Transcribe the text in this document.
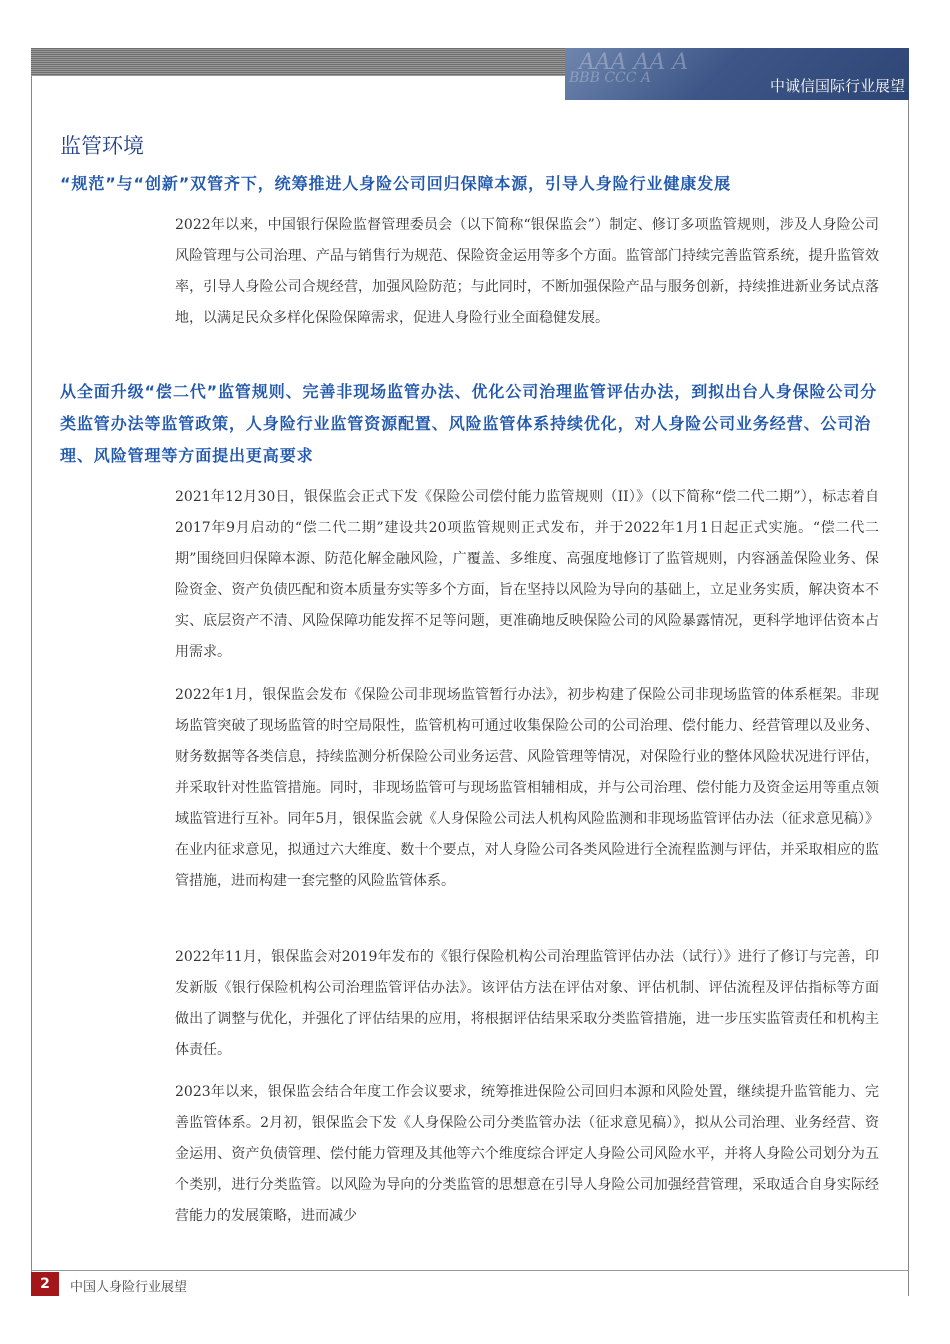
AAA AA A
BBB CCC A	中诚信国际行业展望
监管环境
“规范”与“创新”双管齐下，统筹推进人身险公司回归保障本源，引导人身险行业健康发展
2022年以来，中国银行保险监督管理委员会（以下简称“银保监会”）制定、修订多项监管规则，涉及人身险公司风险管理与公司治理、产品与销售行为规范、保险资金运用等多个方面。监管部门持续完善监管系统，提升监管效率，引导人身险公司合规经营，加强风险防范；与此同时，不断加强保险产品与服务创新，持续推进新业务试点落地，以满足民众多样化保险保障需求，促进人身险行业全面稳健发展。
从全面升级“偿二代”监管规则、完善非现场监管办法、优化公司治理监管评估办法，到拟出台人身保险公司分类监管办法等监管政策，人身险行业监管资源配置、风险监管体系持续优化，对人身险公司业务经营、公司治理、风险管理等方面提出更高要求
2021年12月30日，银保监会正式下发《保险公司偿付能力监管规则（II）》（以下简称“偿二代二期”），标志着自2017年9月启动的“偿二代二期”建设共20项监管规则正式发布，并于2022年1月1日起正式实施。“偿二代二期”围绕回归保障本源、防范化解金融风险，广覆盖、多维度、高强度地修订了监管规则，内容涵盖保险业务、保险资金、资产负债匹配和资本质量夯实等多个方面，旨在坚持以风险为导向的基础上，立足业务实质，解决资本不实、底层资产不清、风险保障功能发挥不足等问题，更准确地反映保险公司的风险暴露情况，更科学地评估资本占用需求。
2022年1月，银保监会发布《保险公司非现场监管暂行办法》，初步构建了保险公司非现场监管的体系框架。非现场监管突破了现场监管的时空局限性，监管机构可通过收集保险公司的公司治理、偿付能力、经营管理以及业务、财务数据等各类信息，持续监测分析保险公司业务运营、风险管理等情况，对保险行业的整体风险状况进行评估，并采取针对性监管措施。同时，非现场监管可与现场监管相辅相成，并与公司治理、偿付能力及资金运用等重点领域监管进行互补。同年5月，银保监会就《人身保险公司法人机构风险监测和非现场监管评估办法（征求意见稿）》在业内征求意见，拟通过六大维度、数十个要点，对人身险公司各类风险进行全流程监测与评估，并采取相应的监管措施，进而构建一套完整的风险监管体系。
2022年11月，银保监会对2019年发布的《银行保险机构公司治理监管评估办法（试行）》进行了修订与完善，印发新版《银行保险机构公司治理监管评估办法》。该评估方法在评估对象、评估机制、评估流程及评估指标等方面做出了调整与优化，并强化了评估结果的应用，将根据评估结果采取分类监管措施，进一步压实监管责任和机构主体责任。
2023年以来，银保监会结合年度工作会议要求，统筹推进保险公司回归本源和风险处置，继续提升监管能力、完善监管体系。2月初，银保监会下发《人身保险公司分类监管办法（征求意见稿）》，拟从公司治理、业务经营、资金运用、资产负债管理、偿付能力管理及其他等六个维度综合评定人身险公司风险水平，并将人身险公司划分为五个类别，进行分类监管。以风险为导向的分类监管的思想意在引导人身险公司加强经营管理，采取适合自身实际经营能力的发展策略，进而减少
2	中国人身险行业展望
